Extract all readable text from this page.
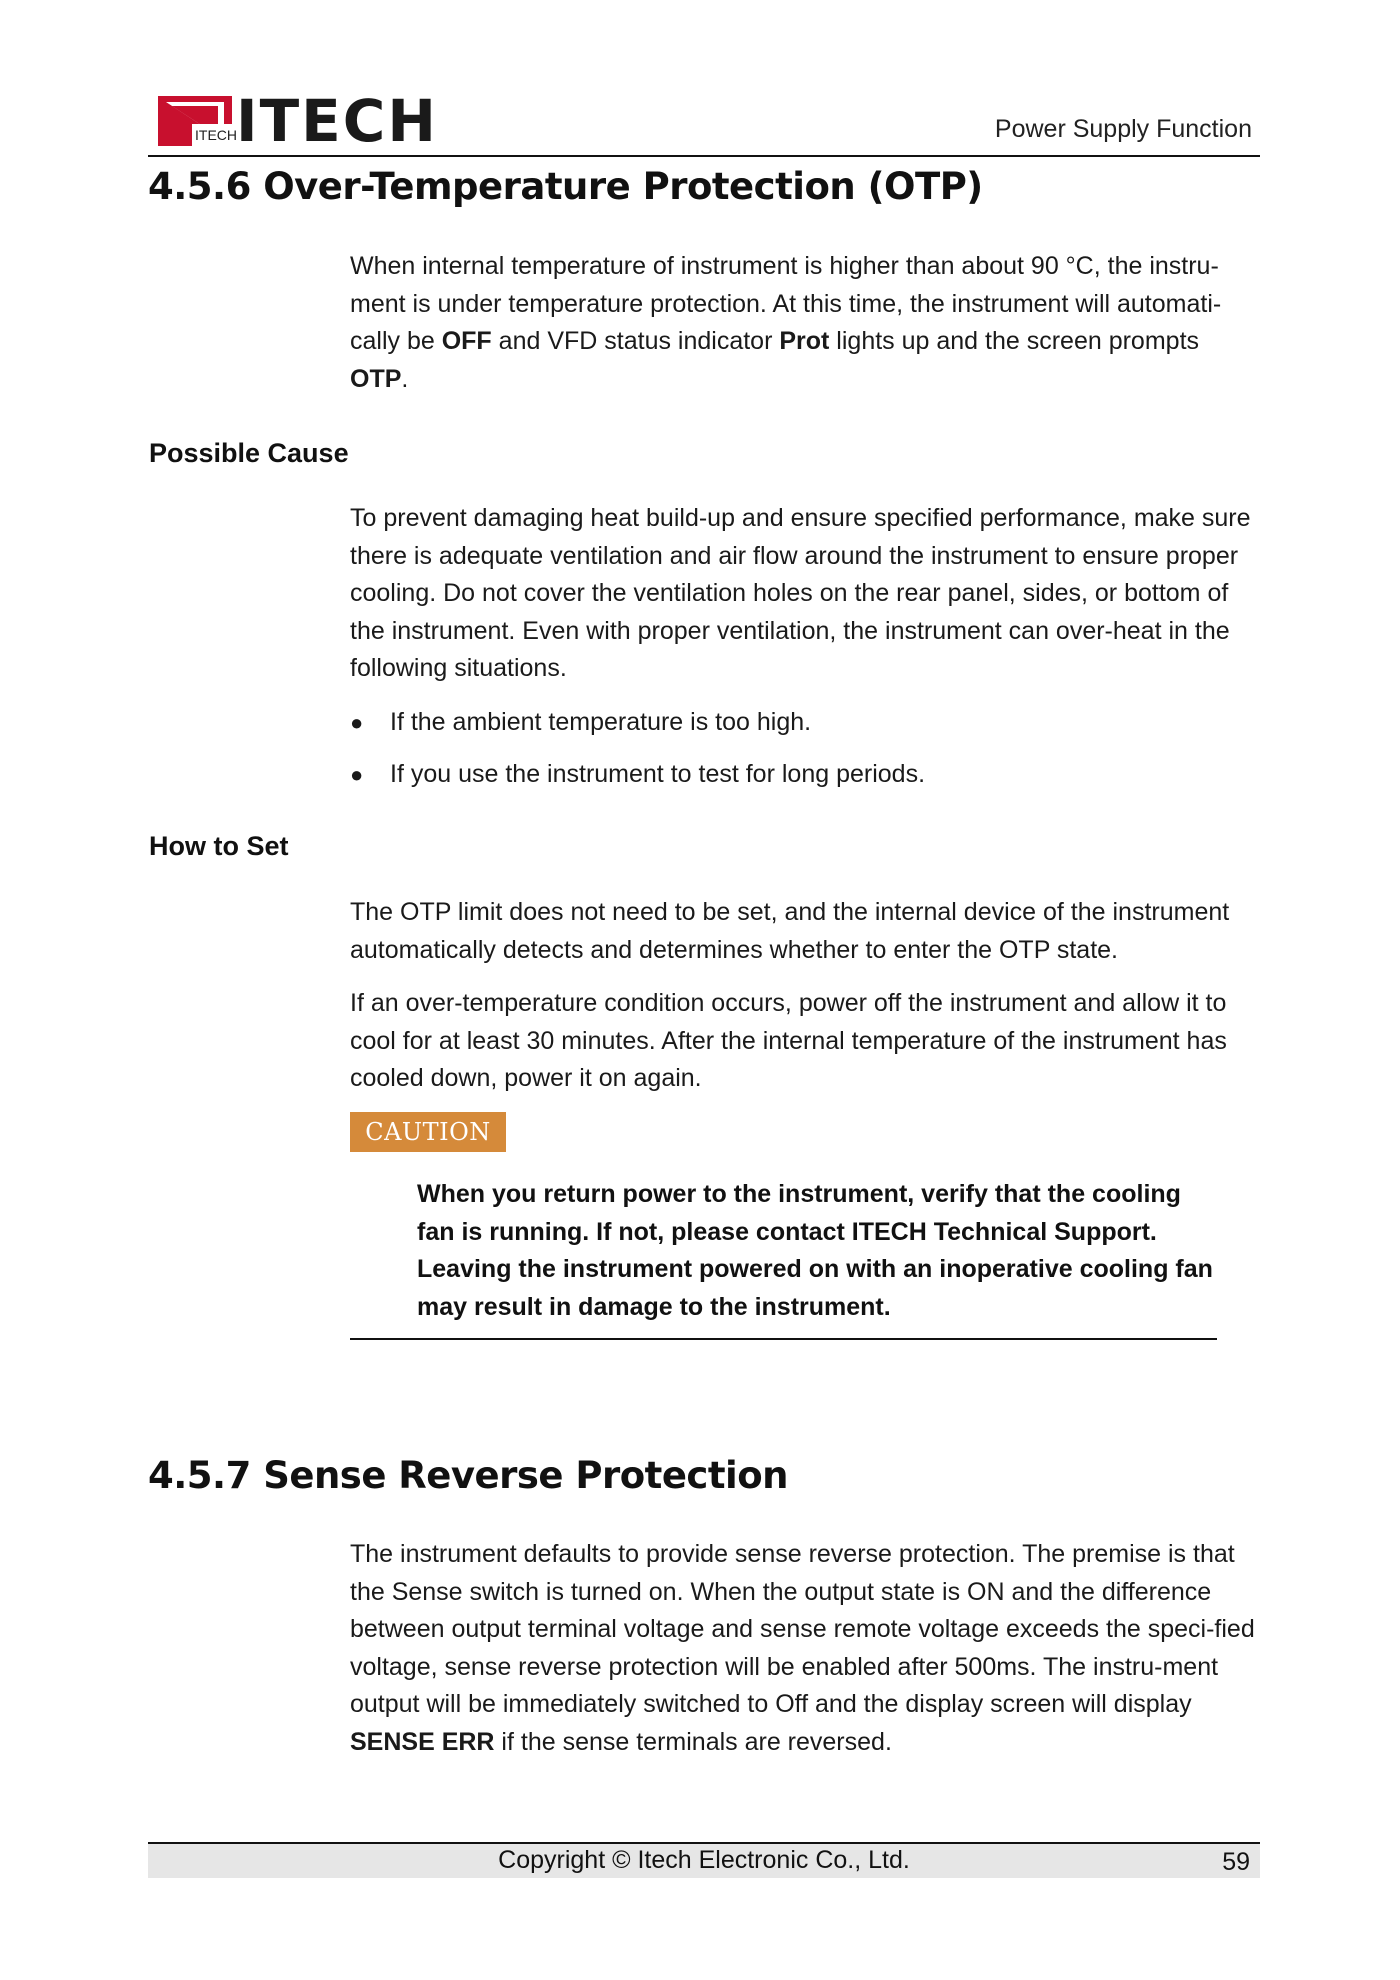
ITECH ITECH	Power Supply Function
4.5.6 Over-Temperature Protection (OTP)
When internal temperature of instrument is higher than about 90 °C, the instru-ment is under temperature protection. At this time, the instrument will automati-cally be OFF and VFD status indicator Prot lights up and the screen prompts OTP.
Possible Cause
To prevent damaging heat build-up and ensure specified performance, make sure there is adequate ventilation and air flow around the instrument to ensure proper cooling. Do not cover the ventilation holes on the rear panel, sides, or bottom of the instrument. Even with proper ventilation, the instrument can over-heat in the following situations.
● If the ambient temperature is too high.
● If you use the instrument to test for long periods.
How to Set
The OTP limit does not need to be set, and the internal device of the instrument automatically detects and determines whether to enter the OTP state.
If an over-temperature condition occurs, power off the instrument and allow it to cool for at least 30 minutes. After the internal temperature of the instrument has cooled down, power it on again.
CAUTION
When you return power to the instrument, verify that the cooling fan is running. If not, please contact ITECH Technical Support. Leaving the instrument powered on with an inoperative cooling fan may result in damage to the instrument.
4.5.7 Sense Reverse Protection
The instrument defaults to provide sense reverse protection. The premise is that the Sense switch is turned on. When the output state is ON and the difference between output terminal voltage and sense remote voltage exceeds the speci-fied voltage, sense reverse protection will be enabled after 500ms. The instru-ment output will be immediately switched to Off and the display screen will display SENSE ERR if the sense terminals are reversed.
Copyright © Itech Electronic Co., Ltd.	59
